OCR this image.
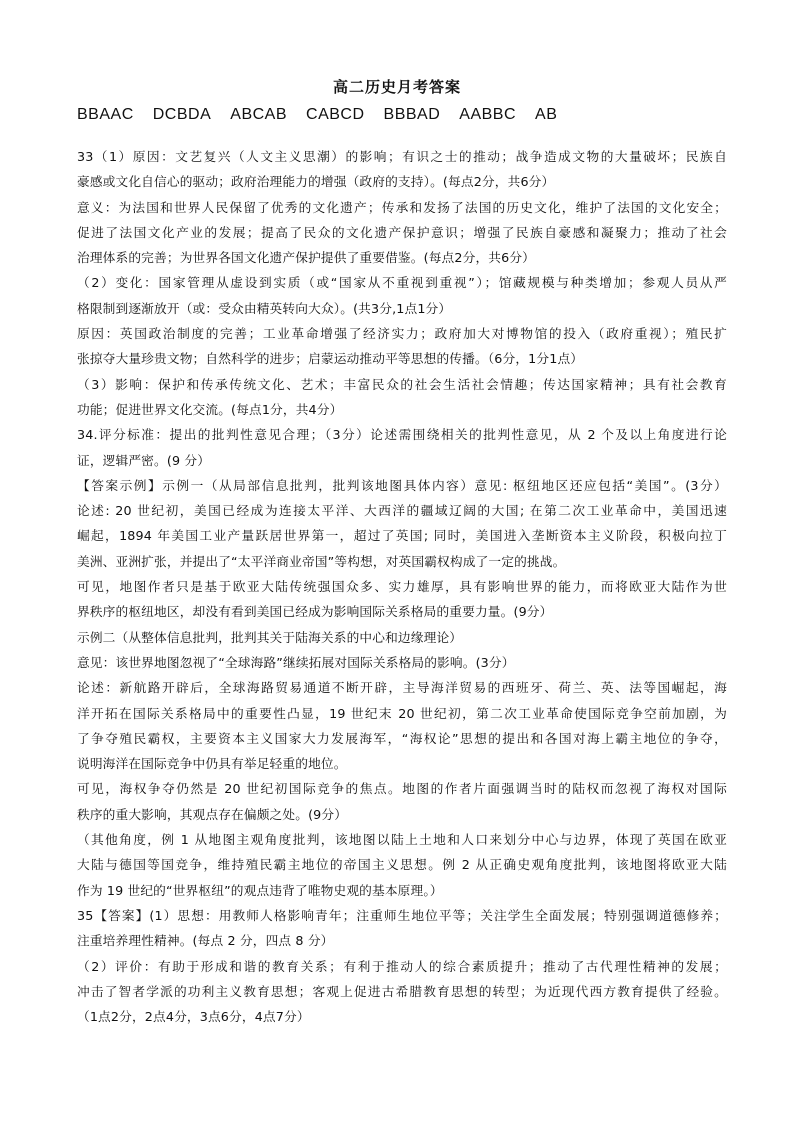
高二历史月考答案
BBAAC DCBDA ABCAB CABCD BBBAD AABBC AB
33（1）原因：文艺复兴（人文主义思潮）的影响；有识之士的推动；战争造成文物的大量破坏；民族自
豪感或文化自信心的驱动；政府治理能力的增强（政府的支持）。(每点2分，共6分）
意义：为法国和世界人民保留了优秀的文化遗产；传承和发扬了法国的历史文化，维护了法国的文化安全；
促进了法国文化产业的发展；提高了民众的文化遗产保护意识；增强了民族自豪感和凝聚力；推动了社会
治理体系的完善；为世界各国文化遗产保护提供了重要借鉴。(每点2分，共6分）
（2）变化：国家管理从虚设到实质（或“国家从不重视到重视”）；馆藏规模与种类增加；参观人员从严
格限制到逐渐放开（或：受众由精英转向大众）。(共3分,1点1分）
原因：英国政治制度的完善；工业革命增强了经济实力；政府加大对博物馆的投入（政府重视）；殖民扩
张掠夺大量珍贵文物；自然科学的进步；启蒙运动推动平等思想的传播。（6分，1分1点）
（3）影响：保护和传承传统文化、艺术；丰富民众的社会生活社会情趣；传达国家精神；具有社会教育
功能；促进世界文化交流。(每点1分，共4分）
34.评分标准：提出的批判性意见合理；（3分）论述需围绕相关的批判性意见，从 2 个及以上角度进行论
证，逻辑严密。(9 分）
【答案示例】示例一（从局部信息批判，批判该地图具体内容）意见: 枢纽地区还应包括“美国”。(3分）
论述: 20 世纪初，美国已经成为连接太平洋、大西洋的疆域辽阔的大国; 在第二次工业革命中，美国迅速
崛起，1894 年美国工业产量跃居世界第一，超过了英国; 同时，美国进入垄断资本主义阶段，积极向拉丁
美洲、亚洲扩张，并提出了“太平洋商业帝国”等构想，对英国霸权构成了一定的挑战。
可见，地图作者只是基于欧亚大陆传统强国众多、实力雄厚，具有影响世界的能力，而将欧亚大陆作为世
界秩序的枢纽地区，却没有看到美国已经成为影响国际关系格局的重要力量。(9分）
示例二（从整体信息批判，批判其关于陆海关系的中心和边缘理论）
意见：该世界地图忽视了“全球海路”继续拓展对国际关系格局的影响。(3分）
论述：新航路开辟后，全球海路贸易通道不断开辟，主导海洋贸易的西班牙、荷兰、英、法等国崛起，海
洋开拓在国际关系格局中的重要性凸显，19 世纪末 20 世纪初，第二次工业革命使国际竞争空前加剧，为
了争夺殖民霸权，主要资本主义国家大力发展海军，“海权论”思想的提出和各国对海上霸主地位的争夺，
说明海洋在国际竞争中仍具有举足轻重的地位。
可见，海权争夺仍然是 20 世纪初国际竞争的焦点。地图的作者片面强调当时的陆权而忽视了海权对国际
秩序的重大影响，其观点存在偏颇之处。(9分）
（其他角度，例 1 从地图主观角度批判，该地图以陆上土地和人口来划分中心与边界，体现了英国在欧亚
大陆与德国等国竞争，维持殖民霸主地位的帝国主义思想。例 2 从正确史观角度批判，该地图将欧亚大陆
作为 19 世纪的“世界枢纽”的观点违背了唯物史观的基本原理。）
35【答案】(1）思想：用教师人格影响青年；注重师生地位平等；关注学生全面发展；特别强调道德修养；
注重培养理性精神。(每点 2 分，四点 8 分）
（2）评价：有助于形成和谐的教育关系；有利于推动人的综合素质提升；推动了古代理性精神的发展；
冲击了智者学派的功利主义教育思想；客观上促进古希腊教育思想的转型；为近现代西方教育提供了经验。
（1点2分，2点4分，3点6分，4点7分）
